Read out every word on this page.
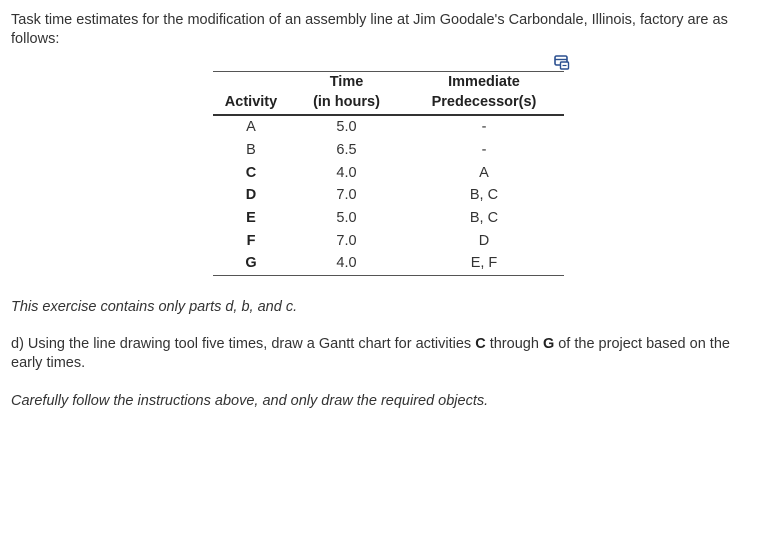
Task time estimates for the modification of an assembly line at Jim Goodale's Carbondale, Illinois, factory are as follows:

	Time	Immediate
Activity	(in hours)	Predecessor(s)
A	5.0	-
B	6.5	-
C	4.0	A
D	7.0	B, C
E	5.0	B, C
F	7.0	D
G	4.0	E, F

This exercise contains only parts d, b, and c.

d) Using the line drawing tool five times, draw a Gantt chart for activities C through G of the project based on the early times.

Carefully follow the instructions above, and only draw the required objects.
